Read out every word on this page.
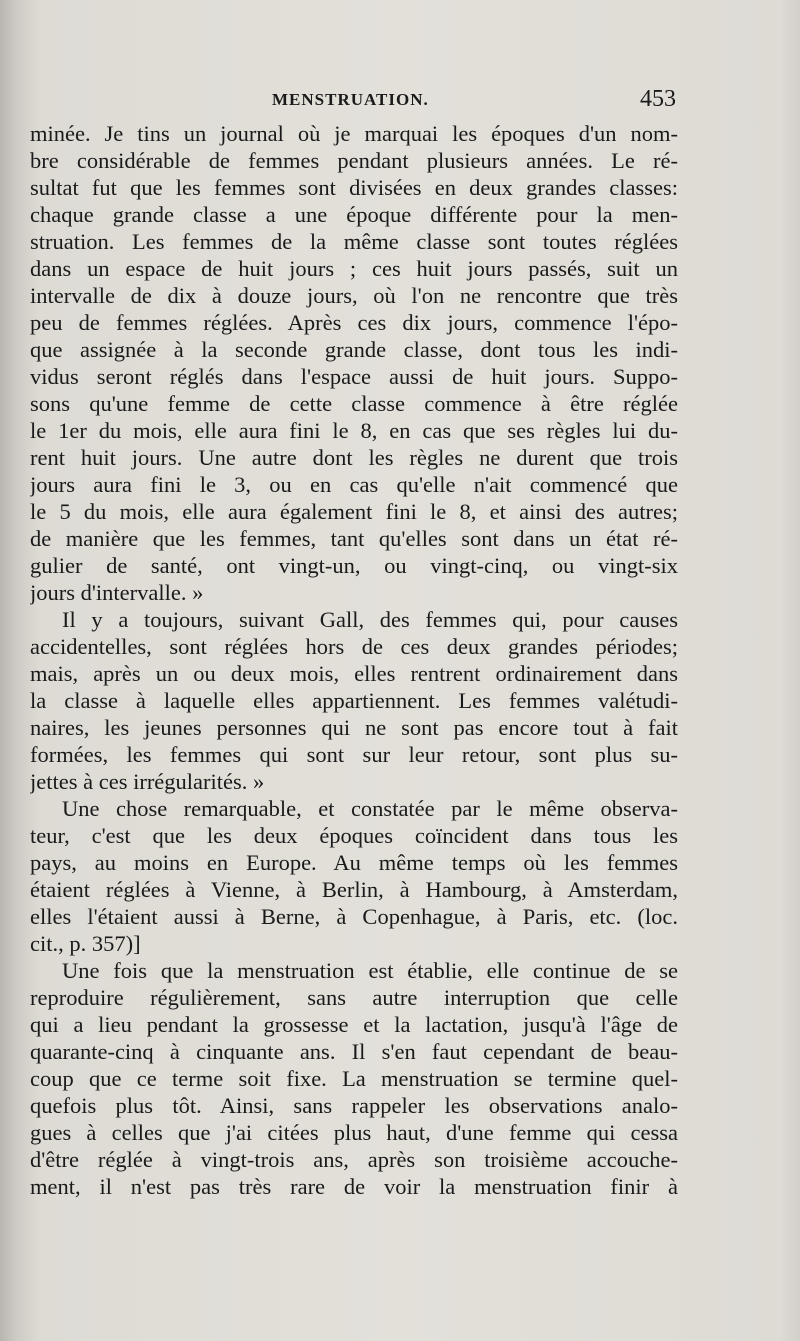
MENSTRUATION.	453
minée. Je tins un journal où je marquai les époques d'un nom-
bre considérable de femmes pendant plusieurs années. Le ré-
sultat fut que les femmes sont divisées en deux grandes classes:
chaque grande classe a une époque différente pour la men-
struation. Les femmes de la même classe sont toutes réglées
dans un espace de huit jours ; ces huit jours passés, suit un
intervalle de dix à douze jours, où l'on ne rencontre que très
peu de femmes réglées. Après ces dix jours, commence l'épo-
que assignée à la seconde grande classe, dont tous les indi-
vidus seront réglés dans l'espace aussi de huit jours. Suppo-
sons qu'une femme de cette classe commence à être réglée
le 1er du mois, elle aura fini le 8, en cas que ses règles lui du-
rent huit jours. Une autre dont les règles ne durent que trois
jours aura fini le 3, ou en cas qu'elle n'ait commencé que
le 5 du mois, elle aura également fini le 8, et ainsi des autres;
de manière que les femmes, tant qu'elles sont dans un état ré-
gulier de santé, ont vingt-un, ou vingt-cinq, ou vingt-six
jours d'intervalle. »
Il y a toujours, suivant Gall, des femmes qui, pour causes
accidentelles, sont réglées hors de ces deux grandes périodes;
mais, après un ou deux mois, elles rentrent ordinairement dans
la classe à laquelle elles appartiennent. Les femmes valétudi-
naires, les jeunes personnes qui ne sont pas encore tout à fait
formées, les femmes qui sont sur leur retour, sont plus su-
jettes à ces irrégularités. »
Une chose remarquable, et constatée par le même observa-
teur, c'est que les deux époques coïncident dans tous les
pays, au moins en Europe. Au même temps où les femmes
étaient réglées à Vienne, à Berlin, à Hambourg, à Amsterdam,
elles l'étaient aussi à Berne, à Copenhague, à Paris, etc. (loc.
cit., p. 357)]
Une fois que la menstruation est établie, elle continue de se
reproduire régulièrement, sans autre interruption que celle
qui a lieu pendant la grossesse et la lactation, jusqu'à l'âge de
quarante-cinq à cinquante ans. Il s'en faut cependant de beau-
coup que ce terme soit fixe. La menstruation se termine quel-
quefois plus tôt. Ainsi, sans rappeler les observations analo-
gues à celles que j'ai citées plus haut, d'une femme qui cessa
d'être réglée à vingt-trois ans, après son troisième accouche-
ment, il n'est pas très rare de voir la menstruation finir à
